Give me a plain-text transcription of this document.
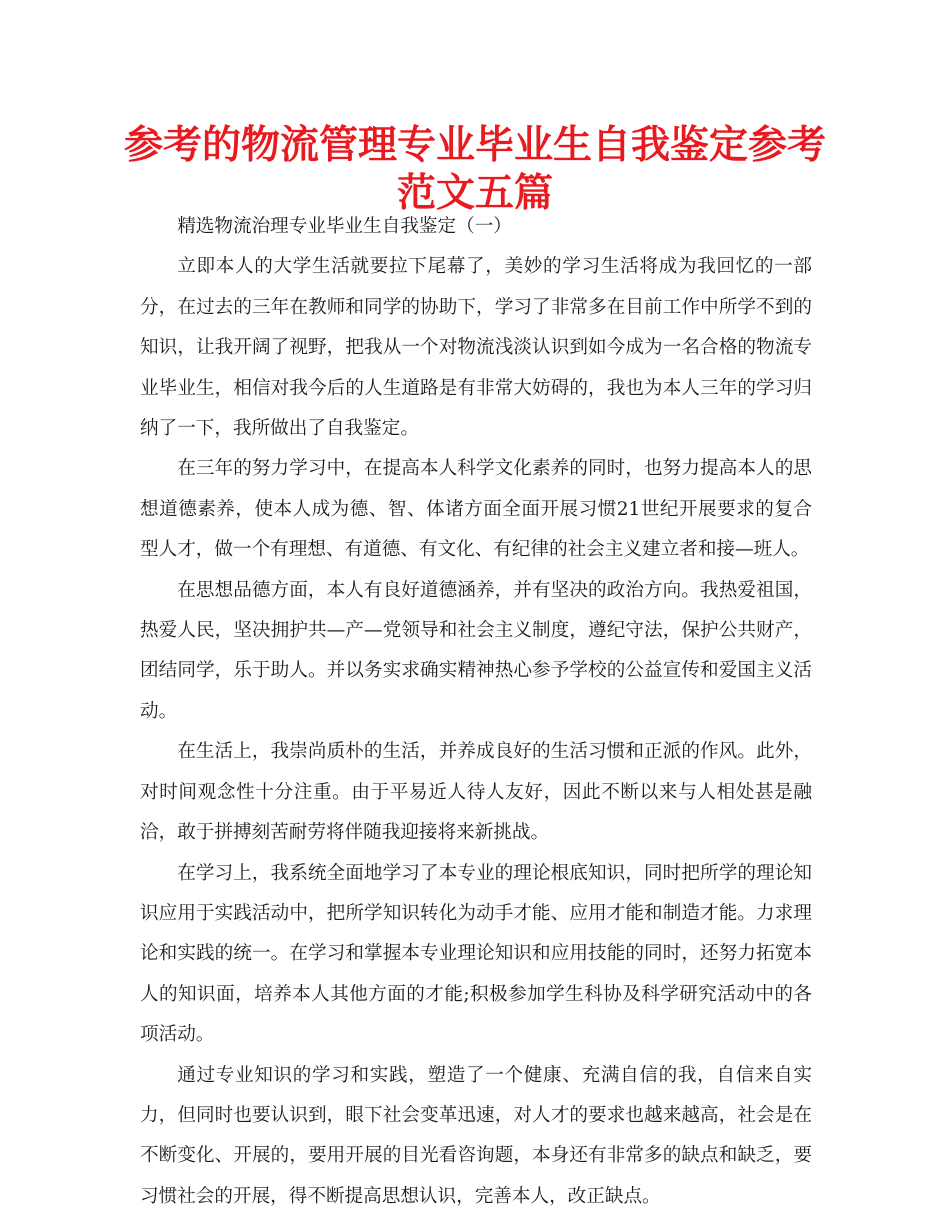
参考的物流管理专业毕业生自我鉴定参考范文五篇

精选物流治理专业毕业生自我鉴定（一）

立即本人的大学生活就要拉下尾幕了，美妙的学习生活将成为我回忆的一部分，在过去的三年在教师和同学的协助下，学习了非常多在目前工作中所学不到的知识，让我开阔了视野，把我从一个对物流浅淡认识到如今成为一名合格的物流专业毕业生，相信对我今后的人生道路是有非常大妨碍的，我也为本人三年的学习归纳了一下，我所做出了自我鉴定。

在三年的努力学习中，在提高本人科学文化素养的同时，也努力提高本人的思想道德素养，使本人成为德、智、体诸方面全面开展习惯21世纪开展要求的复合型人才，做一个有理想、有道德、有文化、有纪律的社会主义建立者和接—班人。

在思想品德方面，本人有良好道德涵养，并有坚决的政治方向。我热爱祖国，热爱人民，坚决拥护共—产—党领导和社会主义制度，遵纪守法，保护公共财产，团结同学，乐于助人。并以务实求确实精神热心参予学校的公益宣传和爱国主义活动。

在生活上，我崇尚质朴的生活，并养成良好的生活习惯和正派的作风。此外，对时间观念性十分注重。由于平易近人待人友好，因此不断以来与人相处甚是融洽，敢于拼搏刻苦耐劳将伴随我迎接将来新挑战。

在学习上，我系统全面地学习了本专业的理论根底知识，同时把所学的理论知识应用于实践活动中，把所学知识转化为动手才能、应用才能和制造才能。力求理论和实践的统一。在学习和掌握本专业理论知识和应用技能的同时，还努力拓宽本人的知识面，培养本人其他方面的才能;积极参加学生科协及科学研究活动中的各项活动。

通过专业知识的学习和实践，塑造了一个健康、充满自信的我，自信来自实力，但同时也要认识到，眼下社会变革迅速，对人才的要求也越来越高，社会是在不断变化、开展的，要用开展的目光看咨询题，本身还有非常多的缺点和缺乏，要习惯社会的开展，得不断提高思想认识，完善本人，改正缺点。
